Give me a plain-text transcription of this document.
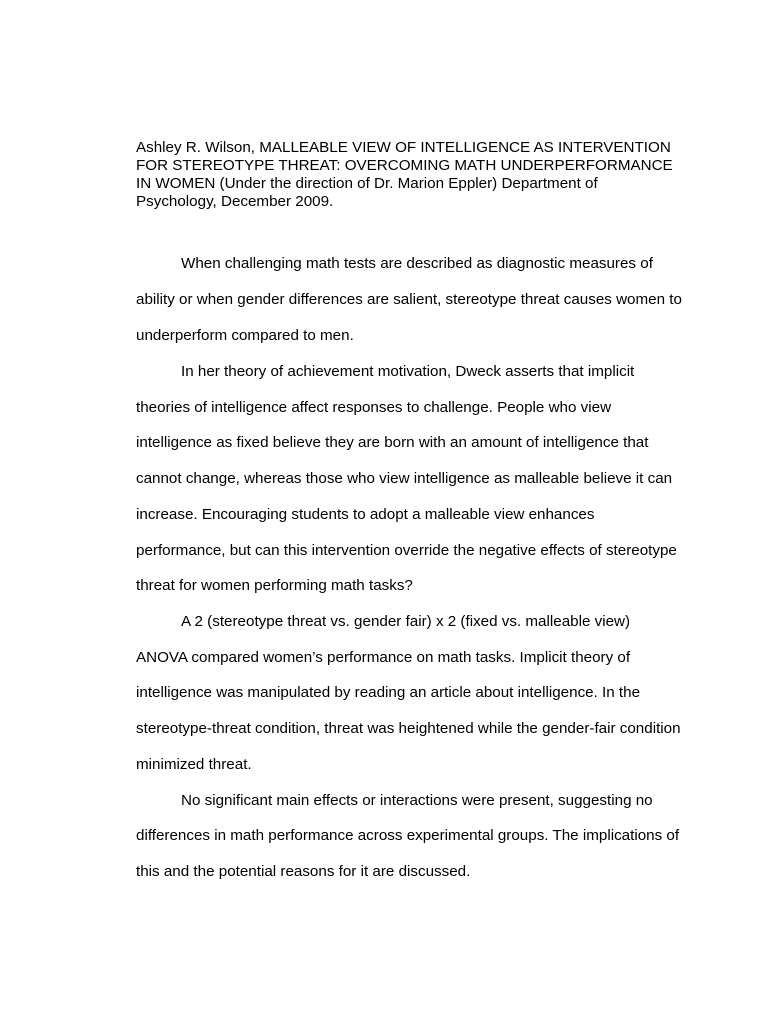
Ashley R. Wilson, MALLEABLE VIEW OF INTELLIGENCE AS INTERVENTION
FOR STEREOTYPE THREAT: OVERCOMING MATH UNDERPERFORMANCE
IN WOMEN (Under the direction of Dr. Marion Eppler) Department of
Psychology, December 2009.
When challenging math tests are described as diagnostic measures of
ability or when gender differences are salient, stereotype threat causes women to
underperform compared to men.
In her theory of achievement motivation, Dweck asserts that implicit
theories of intelligence affect responses to challenge. People who view
intelligence as fixed believe they are born with an amount of intelligence that
cannot change, whereas those who view intelligence as malleable believe it can
increase. Encouraging students to adopt a malleable view enhances
performance, but can this intervention override the negative effects of stereotype
threat for women performing math tasks?
A 2 (stereotype threat vs. gender fair) x 2 (fixed vs. malleable view)
ANOVA compared women’s performance on math tasks. Implicit theory of
intelligence was manipulated by reading an article about intelligence. In the
stereotype-threat condition, threat was heightened while the gender-fair condition
minimized threat.
No significant main effects or interactions were present, suggesting no
differences in math performance across experimental groups. The implications of
this and the potential reasons for it are discussed.
